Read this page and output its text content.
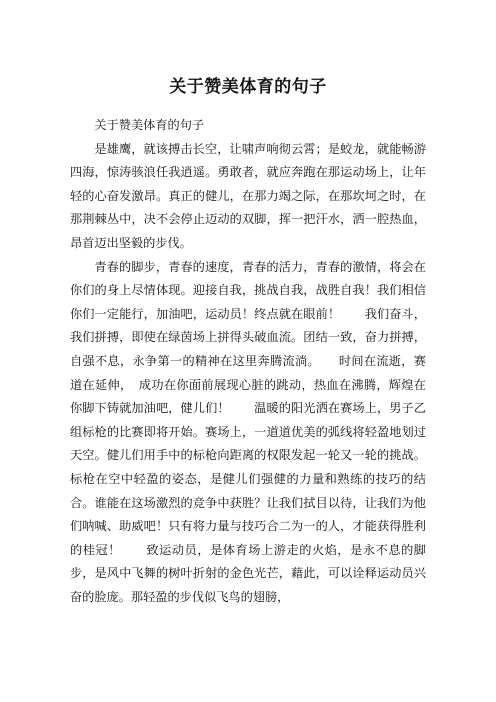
关于赞美体育的句子

关于赞美体育的句子

是雄鹰，就该搏击长空，让啸声响彻云霄；是蛟龙，就能畅游四海，惊涛骇浪任我逍遥。勇敢者，就应奔跑在那运动场上，让年轻的心奋发激昂。真正的健儿，在那力竭之际，在那坎坷之时，在那荆棘丛中，决不会停止迈动的双脚，挥一把汗水，洒一腔热血，昂首迈出坚毅的步伐。

青春的脚步，青春的速度，青春的活力，青春的激情，将会在你们的身上尽情体现。迎接自我，挑战自我，战胜自我！我们相信你们一定能行，加油吧，运动员！终点就在眼前！　　我们奋斗，我们拼搏，即使在绿茵场上拼得头破血流。团结一致，奋力拼搏，自强不息，永争第一的精神在这里奔腾流淌。　　时间在流逝，赛道在延伸，　成功在你面前展现心脏的跳动，热血在沸腾，辉煌在你脚下铸就加油吧，健儿们！　　温暖的阳光洒在赛场上，男子乙组标枪的比赛即将开始。赛场上，一道道优美的弧线将轻盈地划过天空。健儿们用手中的标枪向距离的权限发起一轮又一轮的挑战。标枪在空中轻盈的姿态，是健儿们强健的力量和熟练的技巧的结合。谁能在这场激烈的竞争中获胜？让我们拭目以待，让我们为他们呐喊、助威吧！只有将力量与技巧合二为一的人，才能获得胜利的桂冠！　　致运动员，是体育场上游走的火焰，是永不息的脚步，是风中飞舞的树叶折射的金色光芒，藉此，可以诠释运动员兴奋的脸庞。那轻盈的步伐似飞鸟的翅膀，
